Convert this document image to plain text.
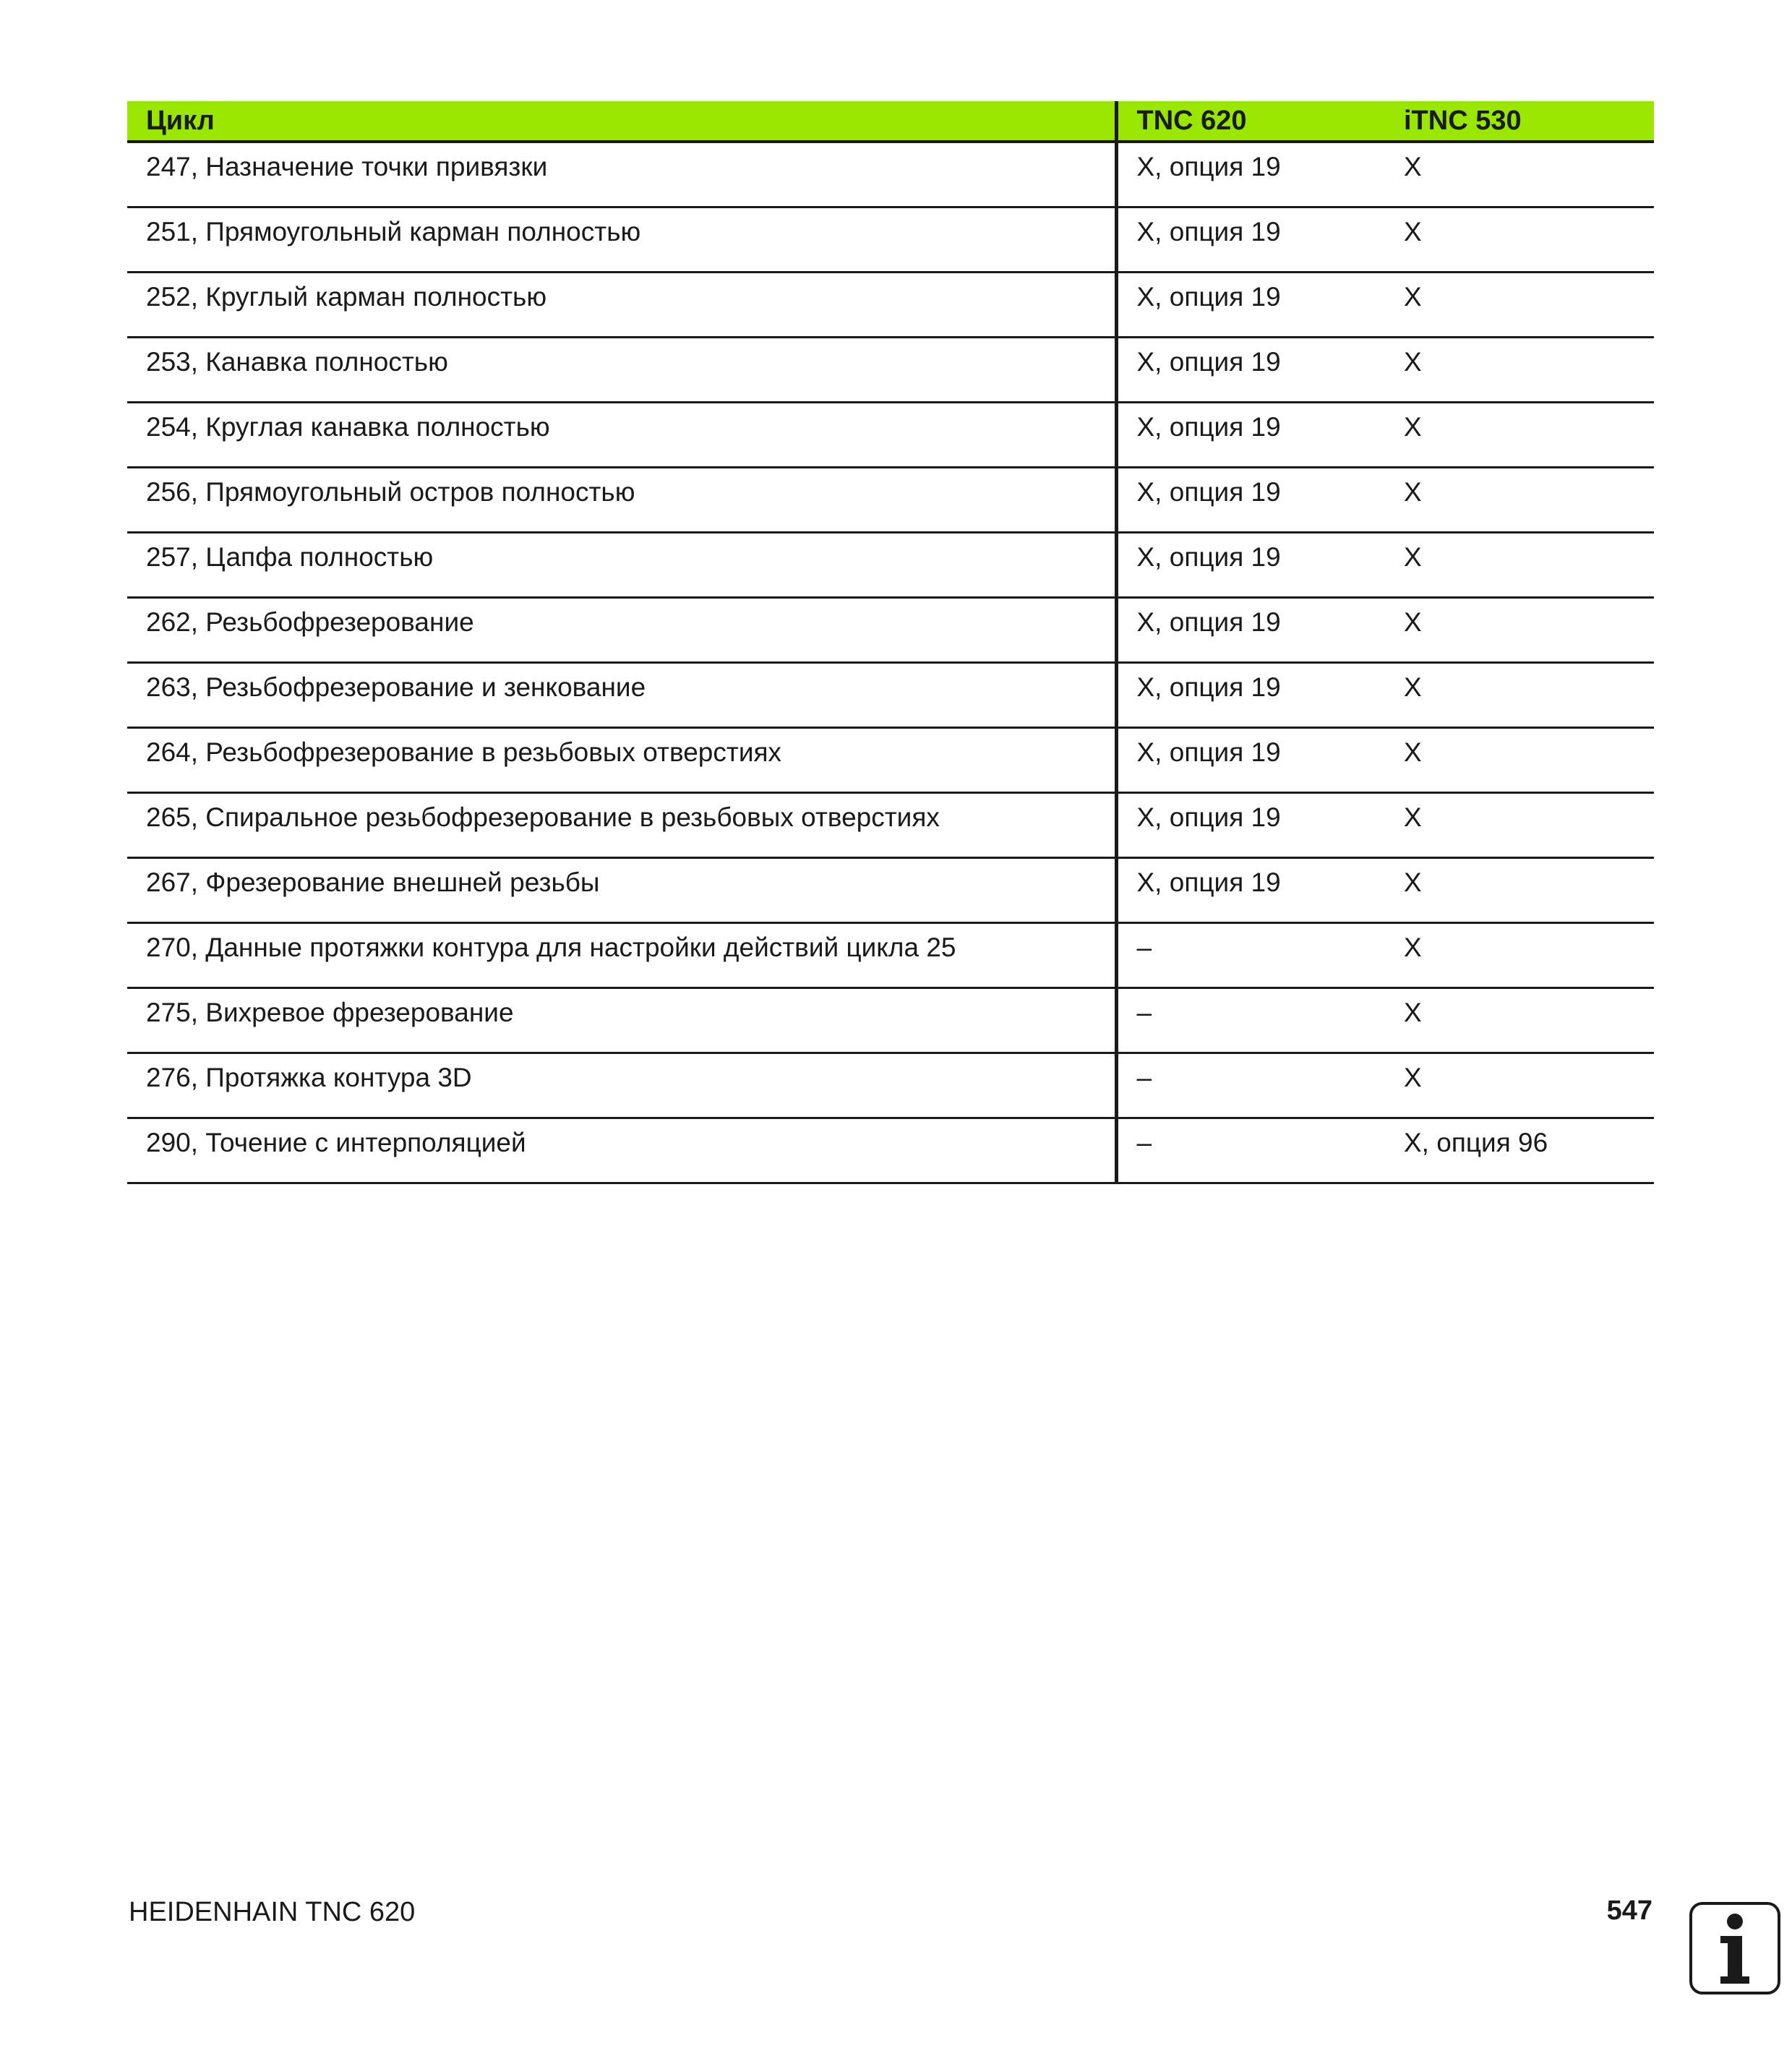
Цикл	TNC 620	iTNC 530
247, Назначение точки привязки	X, опция 19	X
251, Прямоугольный карман полностью	X, опция 19	X
252, Круглый карман полностью	X, опция 19	X
253, Канавка полностью	X, опция 19	X
254, Круглая канавка полностью	X, опция 19	X
256, Прямоугольный остров полностью	X, опция 19	X
257, Цапфа полностью	X, опция 19	X
262, Резьбофрезерование	X, опция 19	X
263, Резьбофрезерование и зенкование	X, опция 19	X
264, Резьбофрезерование в резьбовых отверстиях	X, опция 19	X
265, Спиральное резьбофрезерование в резьбовых отверстиях	X, опция 19	X
267, Фрезерование внешней резьбы	X, опция 19	X
270, Данные протяжки контура для настройки действий цикла 25	–	X
275, Вихревое фрезерование	–	X
276, Протяжка контура 3D	–	X
290, Точение с интерполяцией	–	X, опция 96
HEIDENHAIN TNC 620	547
